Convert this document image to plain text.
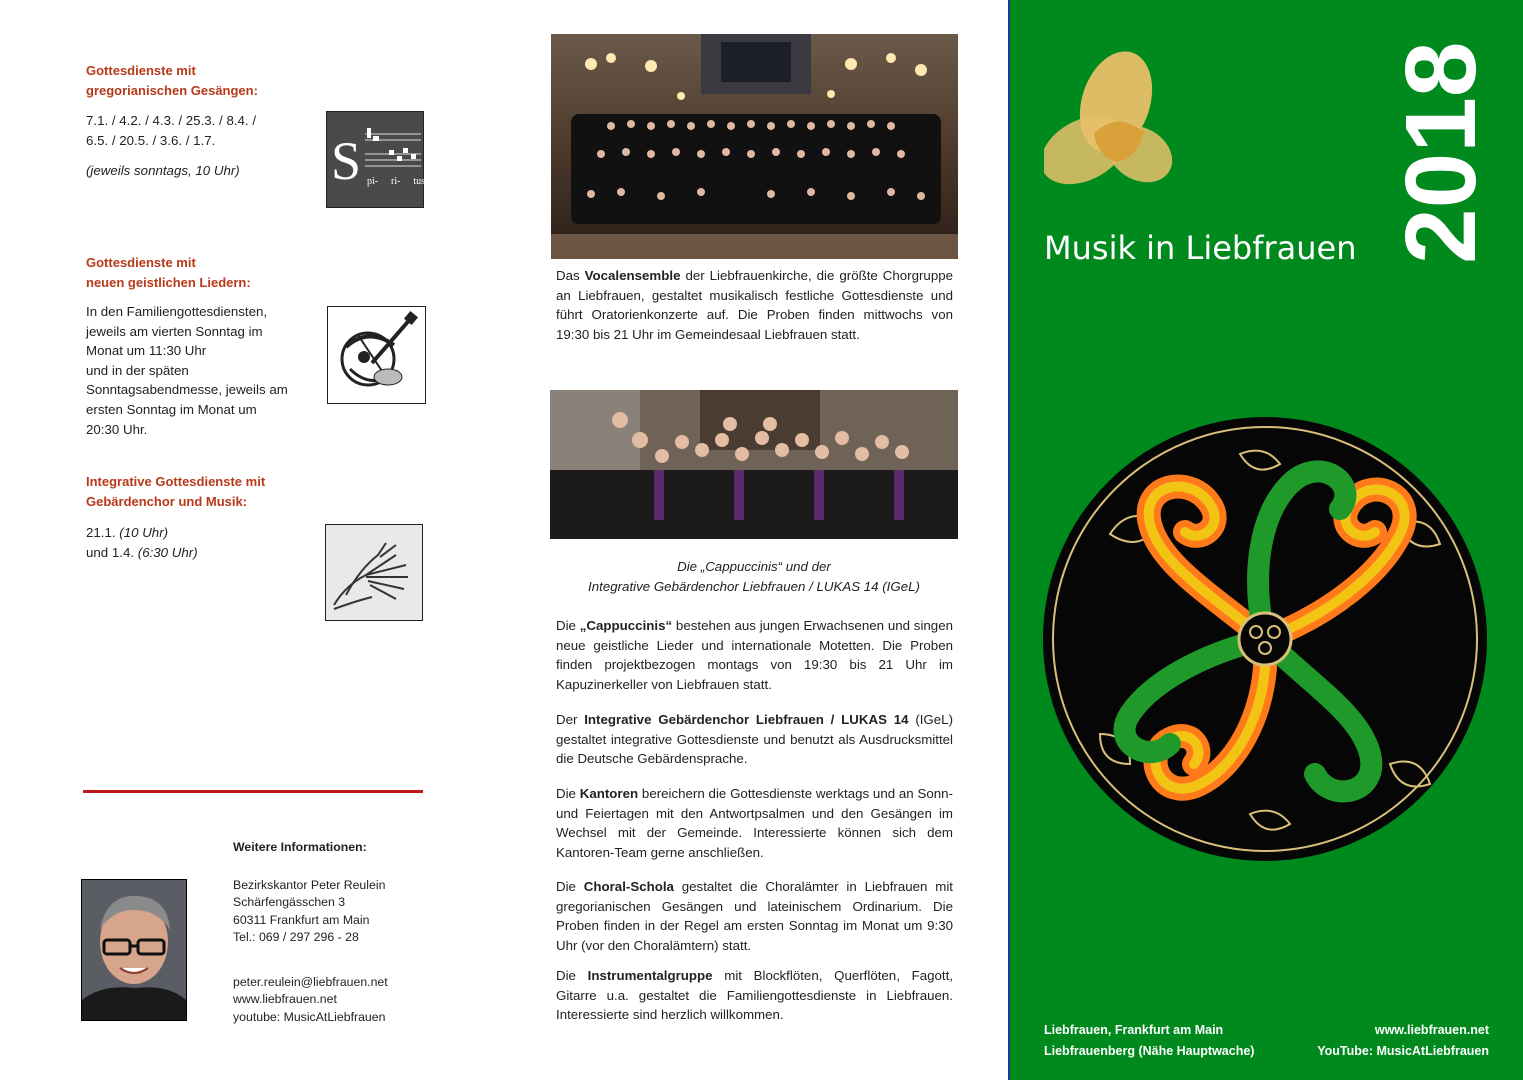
Gottesdienste mit
gregorianischen Gesängen:
7.1. / 4.2. / 4.3. / 25.3. / 8.4. /
6.5. / 20.5. / 3.6. / 1.7.
(jeweils sonntags, 10 Uhr)	S pi- ri- tus
Gottesdienste mit
neuen geistlichen Liedern:
In den Familiengottesdiensten,
jeweils am vierten Sonntag im
Monat um 11:30 Uhr
und in der späten
Sonntagsabendmesse, jeweils am
ersten Sonntag im Monat um
20:30 Uhr.
Integrative Gottesdienste mit
Gebärdenchor und Musik:
21.1. (10 Uhr)
und 1.4. (6:30 Uhr)
Weitere Informationen:
Bezirkskantor Peter Reulein
Schärfengässchen 3
60311 Frankfurt am Main
Tel.: 069 / 297 296 - 28
peter.reulein@liebfrauen.net
www.liebfrauen.net
youtube: MusicAtLiebfrauen
Das Vocalensemble der Liebfrauenkirche, die größte Chorgruppe an Liebfrauen, gestaltet musikalisch festliche Gottesdienste und führt Oratorienkonzerte auf. Die Proben finden mittwochs von 19:30 bis 21 Uhr im Gemeindesaal Liebfrauen statt.
Die „Cappuccinis“ und der
Integrative Gebärdenchor Liebfrauen / LUKAS 14 (IGeL)
Die „Cappuccinis“ bestehen aus jungen Erwachsenen und singen neue geistliche Lieder und internationale Motetten. Die Proben finden projektbezogen montags von 19:30 bis 21 Uhr im Kapuzinerkeller von Liebfrauen statt.
Der Integrative Gebärdenchor Liebfrauen / LUKAS 14 (IGeL) gestaltet integrative Gottesdienste und benutzt als Ausdrucksmittel die Deutsche Gebärdensprache.
Die Kantoren bereichern die Gottesdienste werktags und an Sonn- und Feiertagen mit den Antwortpsalmen und den Gesängen im Wechsel mit der Gemeinde. Interessierte können sich dem Kantoren-Team gerne anschließen.
Die Choral-Schola gestaltet die Choralämter in Liebfrauen mit gregorianischen Gesängen und lateinischem Ordinarium. Die Proben finden in der Regel am ersten Sonntag im Monat um 9:30 Uhr (vor den Choralämtern) statt.
Die Instrumentalgruppe mit Blockflöten, Querflöten, Fagott, Gitarre u.a. gestaltet die Familiengottesdienste in Liebfrauen. Interessierte sind herzlich willkommen.
Musik in Liebfrauen 2018
Liebfrauen, Frankfurt am Main
Liebfrauenberg (Nähe Hauptwache)
www.liebfrauen.net
YouTube: MusicAtLiebfrauen
